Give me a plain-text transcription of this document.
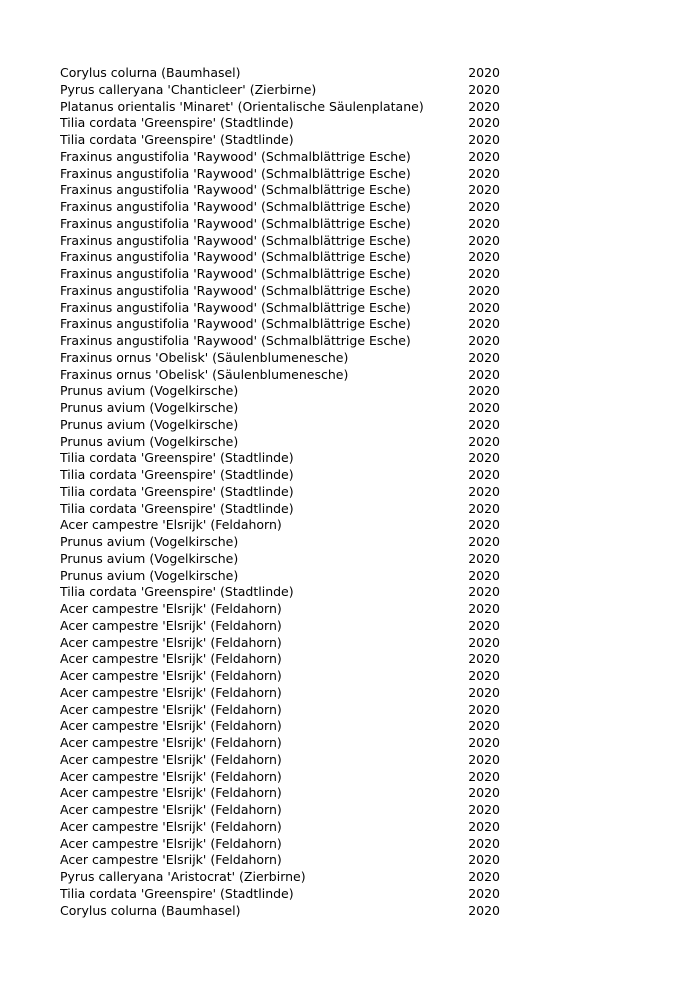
Corylus colurna (Baumhasel)	2020
Pyrus calleryana 'Chanticleer' (Zierbirne)	2020
Platanus orientalis 'Minaret' (Orientalische Säulenplatane)	2020
Tilia cordata 'Greenspire' (Stadtlinde)	2020
Tilia cordata 'Greenspire' (Stadtlinde)	2020
Fraxinus angustifolia 'Raywood' (Schmalblättrige Esche)	2020
Fraxinus angustifolia 'Raywood' (Schmalblättrige Esche)	2020
Fraxinus angustifolia 'Raywood' (Schmalblättrige Esche)	2020
Fraxinus angustifolia 'Raywood' (Schmalblättrige Esche)	2020
Fraxinus angustifolia 'Raywood' (Schmalblättrige Esche)	2020
Fraxinus angustifolia 'Raywood' (Schmalblättrige Esche)	2020
Fraxinus angustifolia 'Raywood' (Schmalblättrige Esche)	2020
Fraxinus angustifolia 'Raywood' (Schmalblättrige Esche)	2020
Fraxinus angustifolia 'Raywood' (Schmalblättrige Esche)	2020
Fraxinus angustifolia 'Raywood' (Schmalblättrige Esche)	2020
Fraxinus angustifolia 'Raywood' (Schmalblättrige Esche)	2020
Fraxinus angustifolia 'Raywood' (Schmalblättrige Esche)	2020
Fraxinus ornus 'Obelisk' (Säulenblumenesche)	2020
Fraxinus ornus 'Obelisk' (Säulenblumenesche)	2020
Prunus avium (Vogelkirsche)	2020
Prunus avium (Vogelkirsche)	2020
Prunus avium (Vogelkirsche)	2020
Prunus avium (Vogelkirsche)	2020
Tilia cordata 'Greenspire' (Stadtlinde)	2020
Tilia cordata 'Greenspire' (Stadtlinde)	2020
Tilia cordata 'Greenspire' (Stadtlinde)	2020
Tilia cordata 'Greenspire' (Stadtlinde)	2020
Acer campestre 'Elsrijk' (Feldahorn)	2020
Prunus avium (Vogelkirsche)	2020
Prunus avium (Vogelkirsche)	2020
Prunus avium (Vogelkirsche)	2020
Tilia cordata 'Greenspire' (Stadtlinde)	2020
Acer campestre 'Elsrijk' (Feldahorn)	2020
Acer campestre 'Elsrijk' (Feldahorn)	2020
Acer campestre 'Elsrijk' (Feldahorn)	2020
Acer campestre 'Elsrijk' (Feldahorn)	2020
Acer campestre 'Elsrijk' (Feldahorn)	2020
Acer campestre 'Elsrijk' (Feldahorn)	2020
Acer campestre 'Elsrijk' (Feldahorn)	2020
Acer campestre 'Elsrijk' (Feldahorn)	2020
Acer campestre 'Elsrijk' (Feldahorn)	2020
Acer campestre 'Elsrijk' (Feldahorn)	2020
Acer campestre 'Elsrijk' (Feldahorn)	2020
Acer campestre 'Elsrijk' (Feldahorn)	2020
Acer campestre 'Elsrijk' (Feldahorn)	2020
Acer campestre 'Elsrijk' (Feldahorn)	2020
Acer campestre 'Elsrijk' (Feldahorn)	2020
Acer campestre 'Elsrijk' (Feldahorn)	2020
Pyrus calleryana 'Aristocrat' (Zierbirne)	2020
Tilia cordata 'Greenspire' (Stadtlinde)	2020
Corylus colurna (Baumhasel)	2020
